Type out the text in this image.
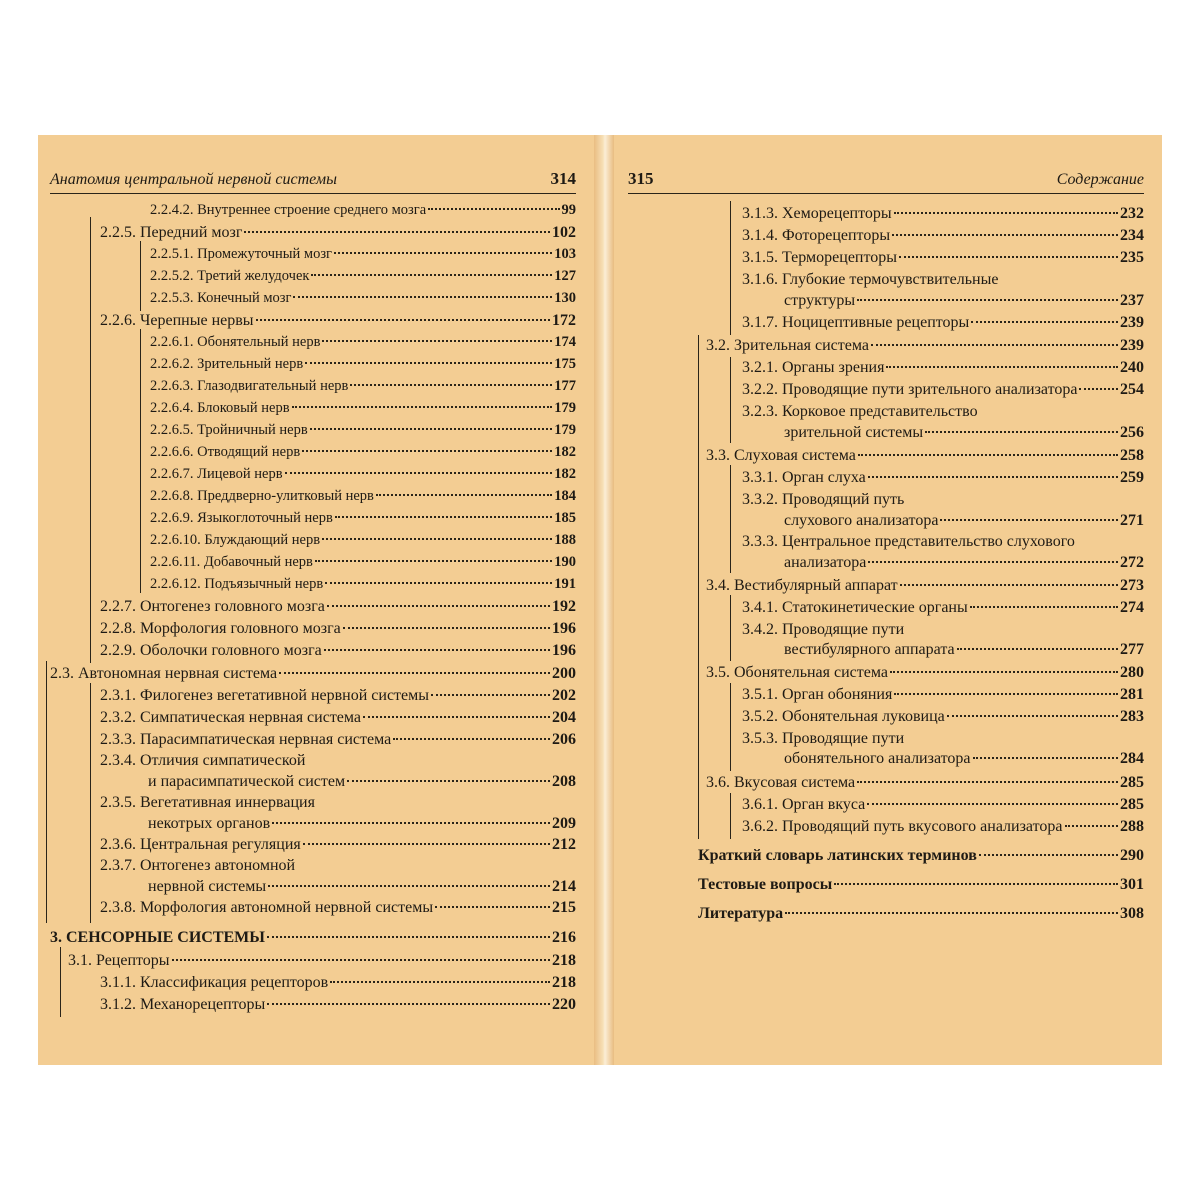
Анатомия центральной нервной системы	314
2.2.4.2. Внутреннее строение среднего мозга	99
2.2.5. Передний мозг	102
2.2.5.1. Промежуточный мозг	103
2.2.5.2. Третий желудочек	127
2.2.5.3. Конечный мозг	130
2.2.6. Черепные нервы	172
2.2.6.1. Обонятельный нерв	174
2.2.6.2. Зрительный нерв	175
2.2.6.3. Глазодвигательный нерв	177
2.2.6.4. Блоковый нерв	179
2.2.6.5. Тройничный нерв	179
2.2.6.6. Отводящий нерв	182
2.2.6.7. Лицевой нерв	182
2.2.6.8. Преддверно-улитковый нерв	184
2.2.6.9. Языкоглоточный нерв	185
2.2.6.10. Блуждающий нерв	188
2.2.6.11. Добавочный нерв	190
2.2.6.12. Подъязычный нерв	191
2.2.7. Онтогенез головного мозга	192
2.2.8. Морфология головного мозга	196
2.2.9. Оболочки головного мозга	196
2.3. Автономная нервная система	200
2.3.1. Филогенез вегетативной нервной системы	202
2.3.2. Симпатическая нервная система	204
2.3.3. Парасимпатическая нервная система	206
2.3.4. Отличия симпатической
и парасимпатической систем	208
2.3.5. Вегетативная иннервация
некотрых органов	209
2.3.6. Центральная регуляция	212
2.3.7. Онтогенез автономной
нервной системы	214
2.3.8. Морфология автономной нервной системы	215
3. СЕНСОРНЫЕ СИСТЕМЫ	216
3.1. Рецепторы	218
3.1.1. Классификация рецепторов	218
3.1.2. Механорецепторы	220
315	Содержание
3.1.3. Хеморецепторы	232
3.1.4. Фоторецепторы	234
3.1.5. Терморецепторы	235
3.1.6. Глубокие термочувствительные
структуры	237
3.1.7. Ноцицептивные рецепторы	239
3.2. Зрительная система	239
3.2.1. Органы зрения	240
3.2.2. Проводящие пути зрительного анализатора	254
3.2.3. Корковое представительство
зрительной системы	256
3.3. Слуховая система	258
3.3.1. Орган слуха	259
3.3.2. Проводящий путь
слухового анализатора	271
3.3.3. Центральное представительство слухового
анализатора	272
3.4. Вестибулярный аппарат	273
3.4.1. Статокинетические органы	274
3.4.2. Проводящие пути
вестибулярного аппарата	277
3.5. Обонятельная система	280
3.5.1. Орган обоняния	281
3.5.2. Обонятельная луковица	283
3.5.3. Проводящие пути
обонятельного анализатора	284
3.6. Вкусовая система	285
3.6.1. Орган вкуса	285
3.6.2. Проводящий путь вкусового анализатора	288
Краткий словарь латинских терминов	290
Тестовые вопросы	301
Литература	308
